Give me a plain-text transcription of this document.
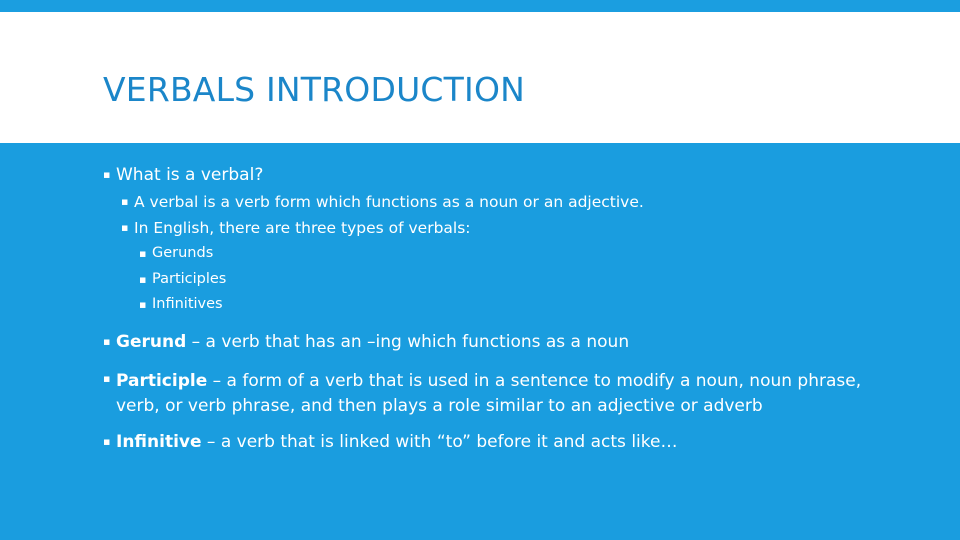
VERBALS INTRODUCTION
▪ What is a verbal?
▪ A verbal is a verb form which functions as a noun or an adjective.
▪ In English, there are three types of verbals:
▪ Gerunds
▪ Participles
▪ Infinitives
▪ Gerund – a verb that has an –ing which functions as a noun
▪ Participle – a form of a verb that is used in a sentence to modify a noun, noun phrase, verb, or verb phrase, and then plays a role similar to an adjective or adverb
▪ Infinitive – a verb that is linked with “to” before it and acts like…
